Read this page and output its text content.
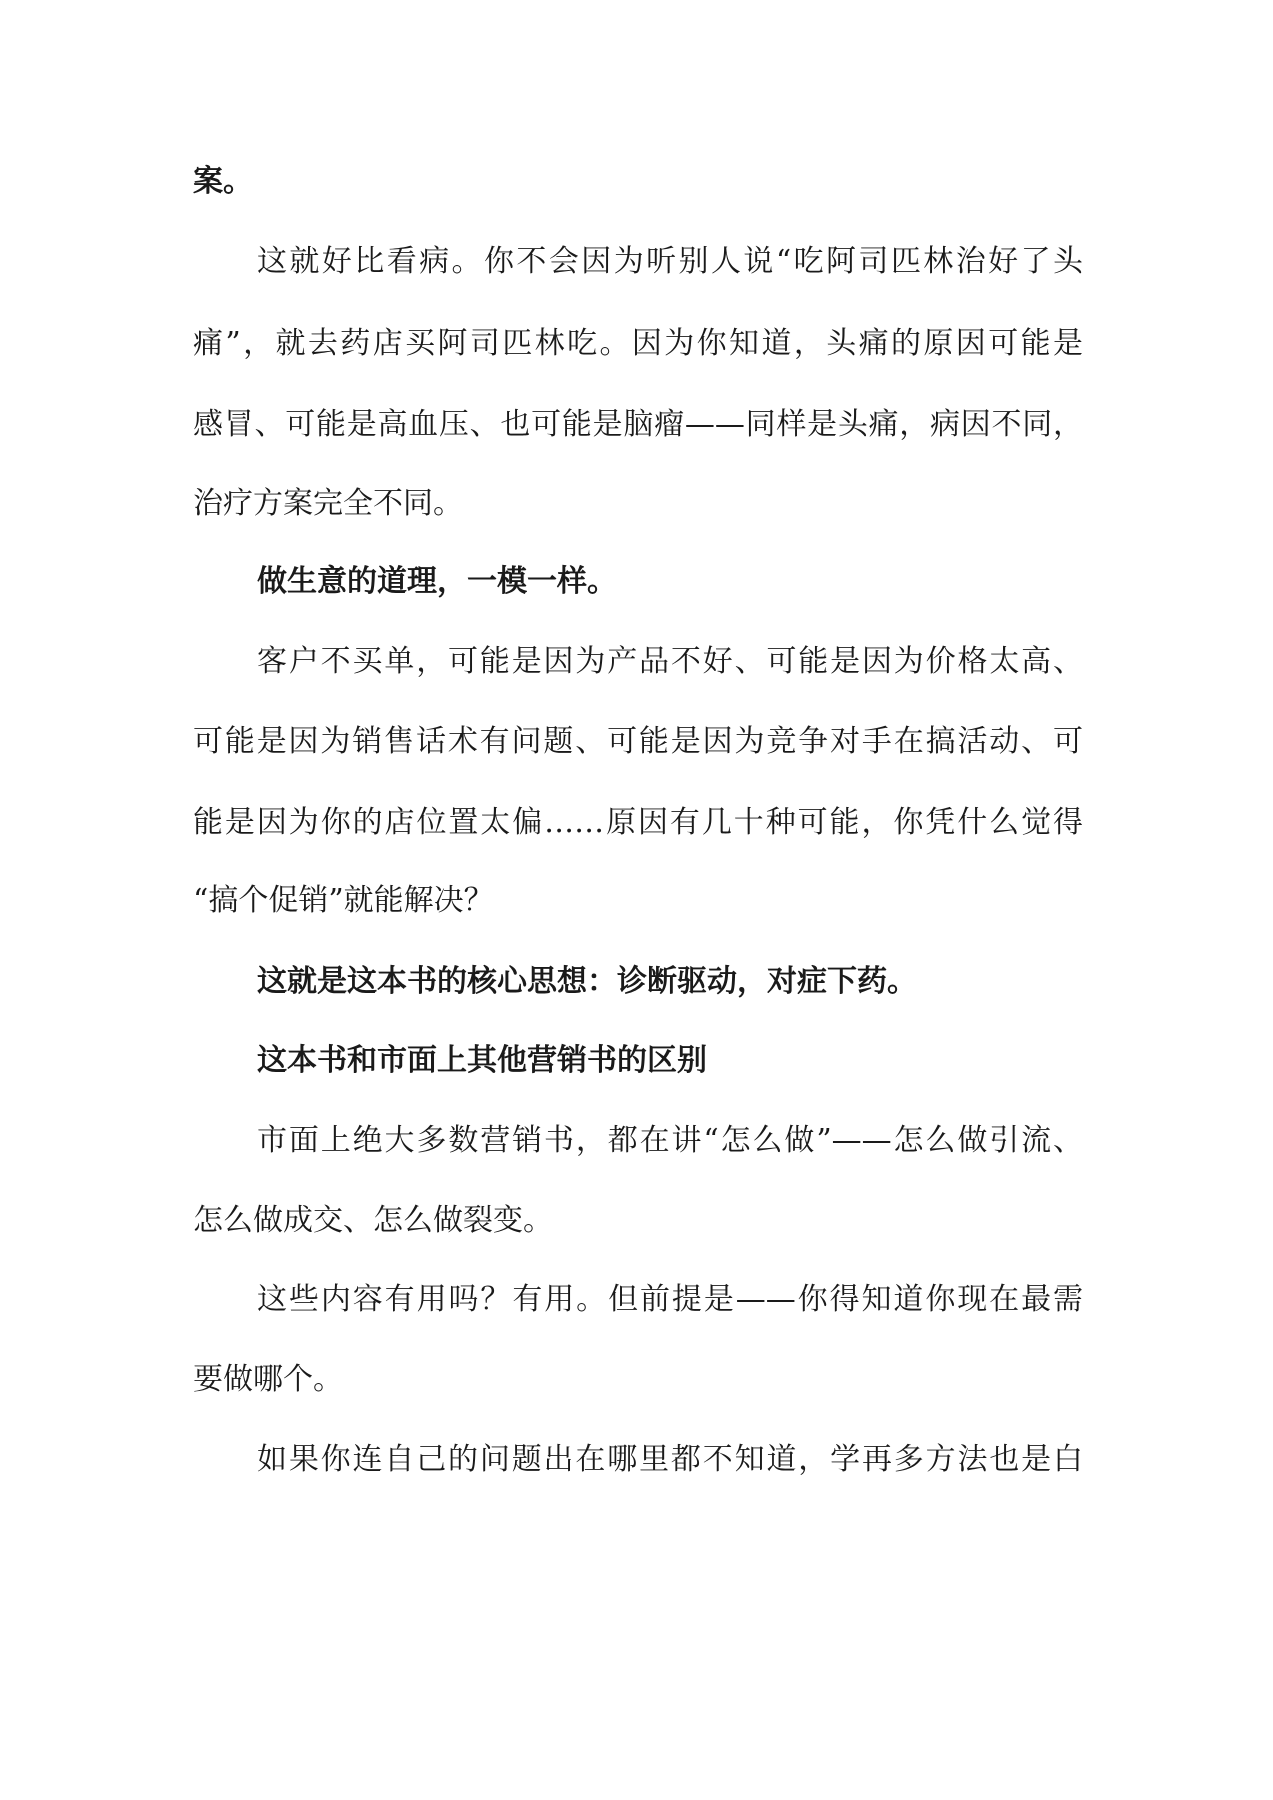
案。
这就好比看病。你不会因为听别人说“吃阿司匹林治好了头
痛”，就去药店买阿司匹林吃。因为你知道，头痛的原因可能是
感冒、可能是高血压、也可能是脑瘤——同样是头痛，病因不同，
治疗方案完全不同。
做生意的道理，一模一样。
客户不买单，可能是因为产品不好、可能是因为价格太高、
可能是因为销售话术有问题、可能是因为竞争对手在搞活动、可
能是因为你的店位置太偏……原因有几十种可能，你凭什么觉得
“搞个促销”就能解决？
这就是这本书的核心思想：诊断驱动，对症下药。
这本书和市面上其他营销书的区别
市面上绝大多数营销书，都在讲“怎么做”——怎么做引流、
怎么做成交、怎么做裂变。
这些内容有用吗？有用。但前提是——你得知道你现在最需
要做哪个。
如果你连自己的问题出在哪里都不知道，学再多方法也是白
